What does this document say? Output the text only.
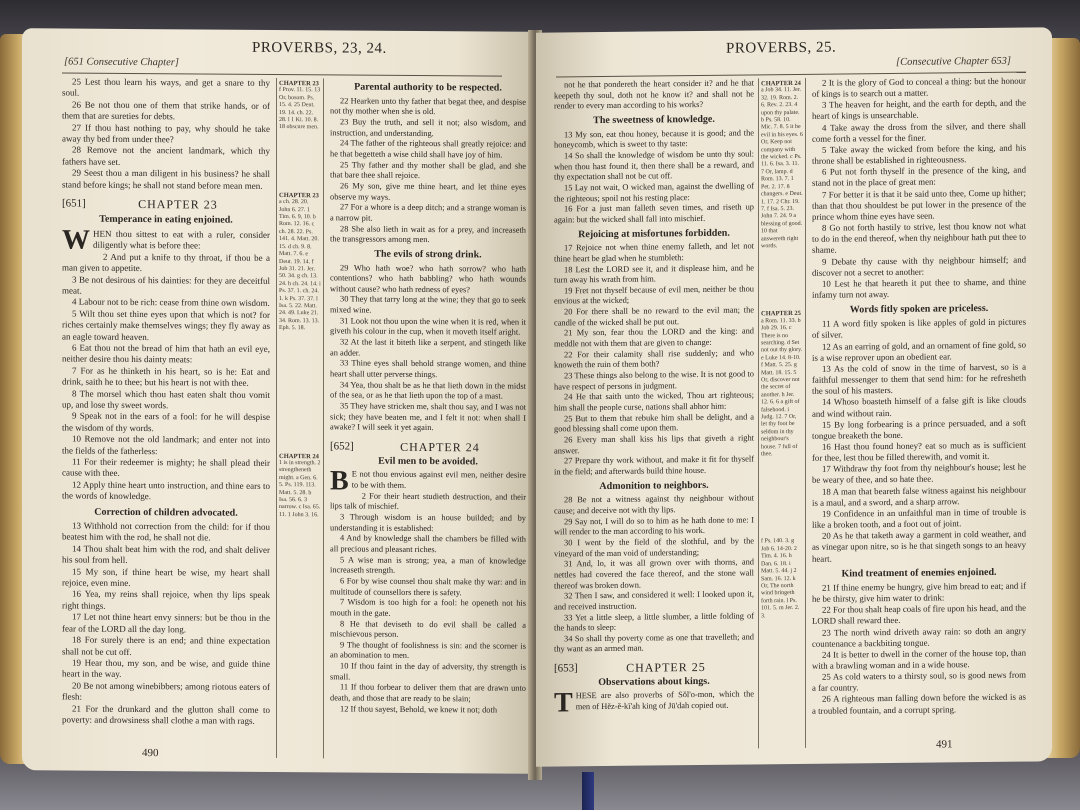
PROVERBS, 23, 24.
[651 Consecutive Chapter]

25 Lest thou learn his ways, and get a snare to thy soul.

26 Be not thou one of them that strike hands, or of them that are sureties for debts.

27 If thou hast nothing to pay, why should he take away thy bed from under thee?

28 Remove not the ancient landmark, which thy fathers have set.

29 Seest thou a man diligent in his business? he shall stand before kings; he shall not stand before mean men.

[651]	CHAPTER 23
Temperance in eating enjoined.

WHEN thou sittest to eat with a ruler, consider diligently what is before thee:

2 And put a knife to thy throat, if thou be a man given to appetite.

3 Be not desirous of his dainties: for they are deceitful meat.

4 Labour not to be rich: cease from thine own wisdom.

5 Wilt thou set thine eyes upon that which is not? for riches certainly make themselves wings; they fly away as an eagle toward heaven.

6 Eat thou not the bread of him that hath an evil eye, neither desire thou his dainty meats:

7 For as he thinketh in his heart, so is he: Eat and drink, saith he to thee; but his heart is not with thee.

8 The morsel which thou hast eaten shalt thou vomit up, and lose thy sweet words.

9 Speak not in the ears of a fool: for he will despise the wisdom of thy words.

10 Remove not the old landmark; and enter not into the fields of the fatherless:

11 For their redeemer is mighty; he shall plead their cause with thee.

12 Apply thine heart unto instruction, and thine ears to the words of knowledge.

Correction of children advocated.

13 Withhold not correction from the child: for if thou beatest him with the rod, he shall not die.

14 Thou shalt beat him with the rod, and shalt deliver his soul from hell.

15 My son, if thine heart be wise, my heart shall rejoice, even mine.

16 Yea, my reins shall rejoice, when thy lips speak right things.

17 Let not thine heart envy sinners: but be thou in the fear of the LORD all the day long.

18 For surely there is an end; and thine expectation shall not be cut off.

19 Hear thou, my son, and be wise, and guide thine heart in the way.

20 Be not among winebibbers; among riotous eaters of flesh:

21 For the drunkard and the glutton shall come to poverty: and drowsiness shall clothe a man with rags.

CHAPTER 23
f Prov. 11. 15. 13 Or, bosom. Ps. 15. 4. 25 Deut. 19. 14. ch. 22. 28. l 1 Ki. 10. 8. 18 obscure men.
CHAPTER 23
a ch. 28. 20. John 6. 27. 1 Tim. 6. 9, 10. b Rom. 12. 16. c ch. 28. 22. Ps. 141. 4. Matt. 20. 15. d ch. 9. 8. Matt. 7. 6. e Deut. 19. 14. f Job 31. 21. Jer. 50. 34. g ch. 13. 24. h ch. 24. 14. i Ps. 37. 1. ch. 24. 1. k Ps. 37. 37. l Isa. 5. 22. Matt. 24. 49. Luke 21. 34. Rom. 13. 13. Eph. 5. 18.
CHAPTER 24
1 is in strength. 2 strengtheneth might. a Gen. 6. 5. Ps. 119. 113. Matt. 5. 28. b Isa. 56. 6. 3 narrow. c Isa. 65. 11. 1 John 3. 16.
Parental authority to be respected.

22 Hearken unto thy father that begat thee, and despise not thy mother when she is old.

23 Buy the truth, and sell it not; also wisdom, and instruction, and understanding.

24 The father of the righteous shall greatly rejoice: and he that begetteth a wise child shall have joy of him.

25 Thy father and thy mother shall be glad, and she that bare thee shall rejoice.

26 My son, give me thine heart, and let thine eyes observe my ways.

27 For a whore is a deep ditch; and a strange woman is a narrow pit.

28 She also lieth in wait as for a prey, and increaseth the transgressors among men.

The evils of strong drink.

29 Who hath woe? who hath sorrow? who hath contentions? who hath babbling? who hath wounds without cause? who hath redness of eyes?

30 They that tarry long at the wine; they that go to seek mixed wine.

31 Look not thou upon the wine when it is red, when it giveth his colour in the cup, when it moveth itself aright.

32 At the last it biteth like a serpent, and stingeth like an adder.

33 Thine eyes shall behold strange women, and thine heart shall utter perverse things.

34 Yea, thou shalt be as he that lieth down in the midst of the sea, or as he that lieth upon the top of a mast.

35 They have stricken me, shalt thou say, and I was not sick; they have beaten me, and I felt it not: when shall I awake? I will seek it yet again.

[652]	CHAPTER 24
Evil men to be avoided.

B E not thou envious against evil men, neither desire to be with them.

2 For their heart studieth destruction, and their lips talk of mischief.

3 Through wisdom is an house builded; and by understanding it is established:

4 And by knowledge shall the chambers be filled with all precious and pleasant riches.

5 A wise man is strong; yea, a man of knowledge increaseth strength.

6 For by wise counsel thou shalt make thy war: and in multitude of counsellors there is safety.

7 Wisdom is too high for a fool: he openeth not his mouth in the gate.

8 He that deviseth to do evil shall be called a mischievous person.

9 The thought of foolishness is sin: and the scorner is an abomination to men.

10 If thou faint in the day of adversity, thy strength is small.

11 If thou forbear to deliver them that are drawn unto death, and those that are ready to be slain;

12 If thou sayest, Behold, we knew it not; doth

490
PROVERBS, 25.
[Consecutive Chapter 653]

not he that pondereth the heart consider it? and he that keepeth thy soul, doth not he know it? and shall not he render to every man according to his works?

The sweetness of knowledge.

13 My son, eat thou honey, because it is good; and the honeycomb, which is sweet to thy taste:

14 So shall the knowledge of wisdom be unto thy soul: when thou hast found it, then there shall be a reward, and thy expectation shall not be cut off.

15 Lay not wait, O wicked man, against the dwelling of the righteous; spoil not his resting place:

16 For a just man falleth seven times, and riseth up again: but the wicked shall fall into mischief.

Rejoicing at misfortunes forbidden.

17 Rejoice not when thine enemy falleth, and let not thine heart be glad when he stumbleth:

18 Lest the LORD see it, and it displease him, and he turn away his wrath from him.

19 Fret not thyself because of evil men, neither be thou envious at the wicked;

20 For there shall be no reward to the evil man; the candle of the wicked shall be put out.

21 My son, fear thou the LORD and the king: and meddle not with them that are given to change:

22 For their calamity shall rise suddenly; and who knoweth the ruin of them both?

23 These things also belong to the wise. It is not good to have respect of persons in judgment.

24 He that saith unto the wicked, Thou art righteous; him shall the people curse, nations shall abhor him:

25 But to them that rebuke him shall be delight, and a good blessing shall come upon them.

26 Every man shall kiss his lips that giveth a right answer.

27 Prepare thy work without, and make it fit for thyself in the field; and afterwards build thine house.

Admonition to neighbors.

28 Be not a witness against thy neighbour without cause; and deceive not with thy lips.

29 Say not, I will do so to him as he hath done to me: I will render to the man according to his work.

30 I went by the field of the slothful, and by the vineyard of the man void of understanding;

31 And, lo, it was all grown over with thorns, and nettles had covered the face thereof, and the stone wall thereof was broken down.

32 Then I saw, and considered it well: I looked upon it, and received instruction.

33 Yet a little sleep, a little slumber, a little folding of the hands to sleep:

34 So shall thy poverty come as one that travelleth; and thy want as an armed man.

[653]	CHAPTER 25
Observations about kings.

THESE are also proverbs of Sŏl'o-mon, which the men of Hĕz-ĕ-kī'ah king of Jū'dah copied out.

CHAPTER 24
a Job 34. 11. Jer. 32. 19. Rom. 2. 6. Rev. 2. 23. 4 upon thy palate. b Ps. 58. 10. Mic. 7. 8. 5 it be evil in his eyes. 6 Or, Keep not company with the wicked. c Ps. 11. 6. Isa. 3. 11. 7 Or, lamp. d Rom. 13. 7. 1 Pet. 2. 17. 8 changers. e Deut. 1. 17. 2 Chr. 19. 7. f Isa. 5. 23. John 7. 24. 9 a blessing of good. 10 that answereth right words.
CHAPTER 25
a Rom. 11. 33. b Job 29. 16. c There is no searching. d Set not out thy glory. e Luke 14. 8-10. f Matt. 5. 25. g Matt. 18. 15. 5 Or, discover not the secret of another. h Jer. 12. 6. 6 a gift of falsehood. i Judg. 12. 7 Or, let thy foot be seldom in thy neighbour's house. 7 full of thee.
f Ps. 140. 3. g Job 6. 14-20. 2 Tim. 4. 16. h Dan. 6. 18. i Matt. 5. 44. j 2 Sam. 16. 12. k Or, The north wind bringeth forth rain. l Ps. 101. 5. m Jer. 2. 3.

2 It is the glory of God to conceal a thing: but the honour of kings is to search out a matter.

3 The heaven for height, and the earth for depth, and the heart of kings is unsearchable.

4 Take away the dross from the silver, and there shall come forth a vessel for the finer.

5 Take away the wicked from before the king, and his throne shall be established in righteousness.

6 Put not forth thyself in the presence of the king, and stand not in the place of great men:

7 For better it is that it be said unto thee, Come up hither; than that thou shouldest be put lower in the presence of the prince whom thine eyes have seen.

8 Go not forth hastily to strive, lest thou know not what to do in the end thereof, when thy neighbour hath put thee to shame.

9 Debate thy cause with thy neighbour himself; and discover not a secret to another:

10 Lest he that heareth it put thee to shame, and thine infamy turn not away.

Words fitly spoken are priceless.

11 A word fitly spoken is like apples of gold in pictures of silver.

12 As an earring of gold, and an ornament of fine gold, so is a wise reprover upon an obedient ear.

13 As the cold of snow in the time of harvest, so is a faithful messenger to them that send him: for he refresheth the soul of his masters.

14 Whoso boasteth himself of a false gift is like clouds and wind without rain.

15 By long forbearing is a prince persuaded, and a soft tongue breaketh the bone.

16 Hast thou found honey? eat so much as is sufficient for thee, lest thou be filled therewith, and vomit it.

17 Withdraw thy foot from thy neighbour's house; lest he be weary of thee, and so hate thee.

18 A man that beareth false witness against his neighbour is a maul, and a sword, and a sharp arrow.

19 Confidence in an unfaithful man in time of trouble is like a broken tooth, and a foot out of joint.

20 As he that taketh away a garment in cold weather, and as vinegar upon nitre, so is he that singeth songs to an heavy heart.

Kind treatment of enemies enjoined.

21 If thine enemy be hungry, give him bread to eat; and if he be thirsty, give him water to drink:

22 For thou shalt heap coals of fire upon his head, and the LORD shall reward thee.

23 The north wind driveth away rain: so doth an angry countenance a backbiting tongue.

24 It is better to dwell in the corner of the house top, than with a brawling woman and in a wide house.

25 As cold waters to a thirsty soul, so is good news from a far country.

26 A righteous man falling down before the wicked is as a troubled fountain, and a corrupt spring.

491
